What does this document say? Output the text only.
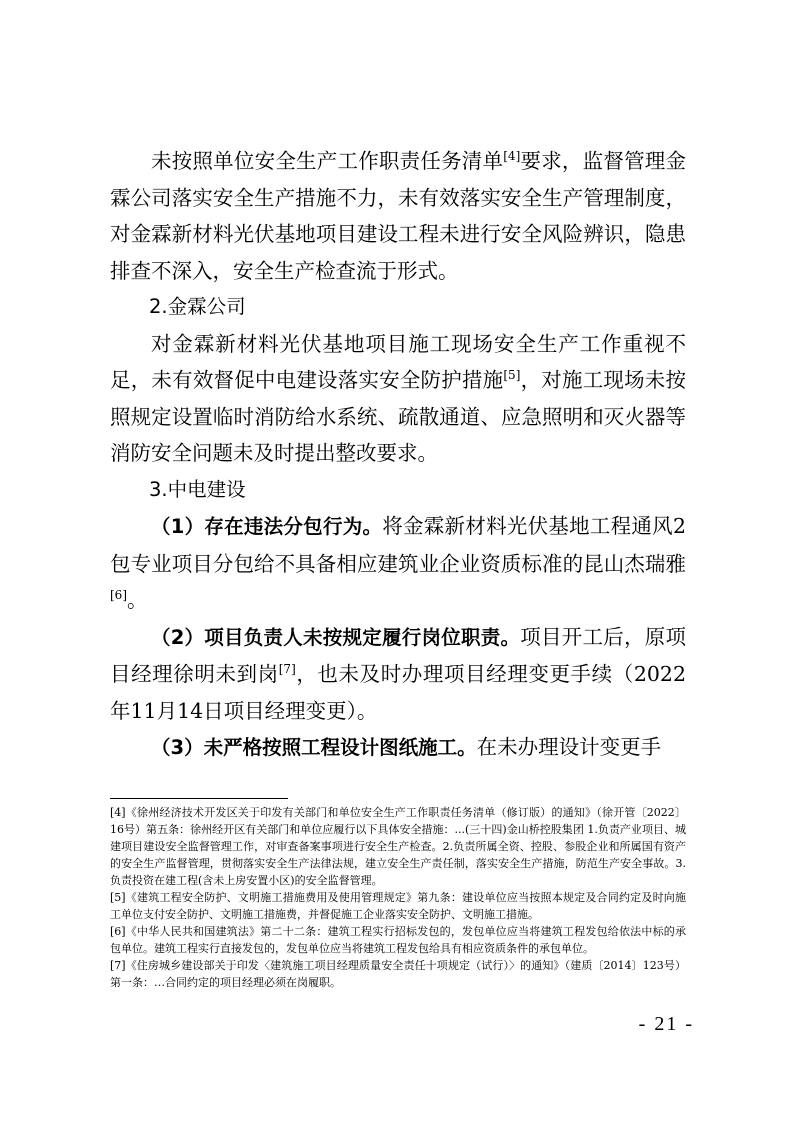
未按照单位安全生产工作职责任务清单[4]要求，监督管理金霖公司落实安全生产措施不力，未有效落实安全生产管理制度，对金霖新材料光伏基地项目建设工程未进行安全风险辨识，隐患排查不深入，安全生产检查流于形式。

2.金霖公司

对金霖新材料光伏基地项目施工现场安全生产工作重视不足，未有效督促中电建设落实安全防护措施[5]，对施工现场未按照规定设置临时消防给水系统、疏散通道、应急照明和灭火器等消防安全问题未及时提出整改要求。

3.中电建设

（1）存在违法分包行为。将金霖新材料光伏基地工程通风2包专业项目分包给不具备相应建筑业企业资质标准的昆山杰瑞雅[6]。

（2）项目负责人未按规定履行岗位职责。项目开工后，原项目经理徐明未到岗[7]，也未及时办理项目经理变更手续（2022年11月14日项目经理变更）。

（3）未严格按照工程设计图纸施工。在未办理设计变更手

[4]《徐州经济技术开发区关于印发有关部门和单位安全生产工作职责任务清单（修订版）的通知》（徐开管〔2022〕16号）第五条：徐州经开区有关部门和单位应履行以下具体安全措施：...(三十四)金山桥控股集团 1.负责产业项目、城建项目建设安全监督管理工作，对审查备案事项进行安全生产检查。2.负责所属全资、控股、参股企业和所属国有资产的安全生产监督管理，贯彻落实安全生产法律法规，建立安全生产责任制，落实安全生产措施，防范生产安全事故。3.负责投资在建工程(含未上房安置小区)的安全监督管理。

[5]《建筑工程安全防护、文明施工措施费用及使用管理规定》第九条：建设单位应当按照本规定及合同约定及时向施工单位支付安全防护、文明施工措施费，并督促施工企业落实安全防护、文明施工措施。

[6]《中华人民共和国建筑法》第二十二条：建筑工程实行招标发包的，发包单位应当将建筑工程发包给依法中标的承包单位。建筑工程实行直接发包的，发包单位应当将建筑工程发包给具有相应资质条件的承包单位。

[7]《住房城乡建设部关于印发〈建筑施工项目经理质量安全责任十项规定（试行）〉的通知》（建质〔2014〕123号）第一条：…合同约定的项目经理必须在岗履职。

- 21 -
